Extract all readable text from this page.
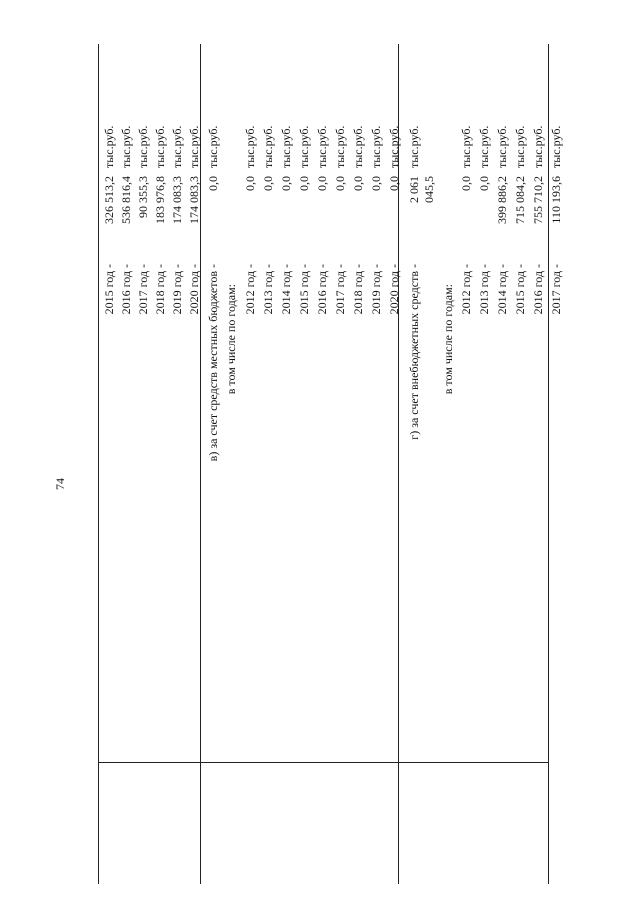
74
2015 год -
326 513,2
тыс.руб.
2016 год -
536 816,4
тыс.руб.
2017 год -
90 355,3
тыс.руб.
2018 год -
183 976,8
тыс.руб.
2019 год -
174 083,3
тыс.руб.
2020 год -
174 083,3
тыс.руб.
в) за счет средств местных бюджетов -
0,0
тыс.руб.
в том числе по годам: 2012 год -
0,0
тыс.руб.
2013 год -
0,0
тыс.руб.
2014 год -
0,0
тыс.руб.
2015 год -
0,0
тыс.руб.
2016 год -
0,0
тыс.руб.
2017 год -
0,0
тыс.руб.
2018 год -
0,0
тыс.руб.
2019 год -
0,0
тыс.руб.
2020 год -
0,0
тыс.руб.
г) за счет внебюджетных средств -
2 061
тыс.руб.
045,5
в том числе по годам: 2012 год -
0,0
тыс.руб.
2013 год -
0,0
тыс.руб.
2014 год -
399 886,2
тыс.руб.
2015 год -
715 084,2
тыс.руб.
2016 год -
755 710,2
тыс.руб.
2017 год -
110 193,6
тыс.руб.
